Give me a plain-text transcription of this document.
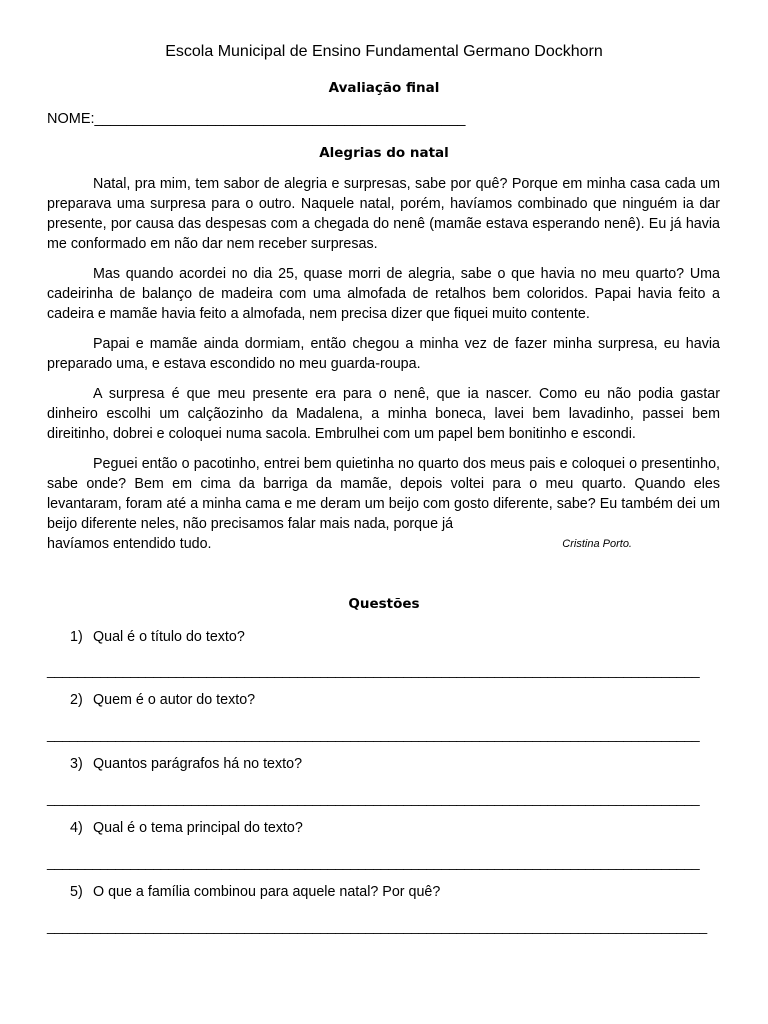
Escola Municipal de Ensino Fundamental Germano Dockhorn
Avaliação final
NOME:______________________________________________
Alegrias do natal

Natal, pra mim, tem sabor de alegria e surpresas, sabe por quê? Porque em minha casa cada um preparava uma surpresa para o outro. Naquele natal, porém, havíamos combinado que ninguém ia dar presente, por causa das despesas com a chegada do nenê (mamãe estava esperando nenê). Eu já havia me conformado em não dar nem receber surpresas.

Mas quando acordei no dia 25, quase morri de alegria, sabe o que havia no meu quarto? Uma cadeirinha de balanço de madeira com uma almofada de retalhos bem coloridos. Papai havia feito a cadeira e mamãe havia feito a almofada, nem precisa dizer que fiquei muito contente.

Papai e mamãe ainda dormiam, então chegou a minha vez de fazer minha surpresa, eu havia preparado uma, e estava escondido no meu guarda-roupa.

A surpresa é que meu presente era para o nenê, que ia nascer. Como eu não podia gastar dinheiro escolhi um calçãozinho da Madalena, a minha boneca, lavei bem lavadinho, passei bem direitinho, dobrei e coloquei numa sacola. Embrulhei com um papel bem bonitinho e escondi.

Peguei então o pacotinho, entrei bem quietinha no quarto dos meus pais e coloquei o presentinho, sabe onde? Bem em cima da barriga da mamãe, depois voltei para o meu quarto. Quando eles levantaram, foram até a minha cama e me deram um beijo com gosto diferente, sabe? Eu também dei um beijo diferente neles, não precisamos falar mais nada, porque já

havíamos entendido tudo.	Cristina Porto.
Questões
1) Qual é o título do texto?
______________________________________________________________________________________
2) Quem é o autor do texto?
______________________________________________________________________________________
3) Quantos parágrafos há no texto?
______________________________________________________________________________________
4) Qual é o tema principal do texto?
______________________________________________________________________________________
5) O que a família combinou para aquele natal? Por quê?
_______________________________________________________________________________________
